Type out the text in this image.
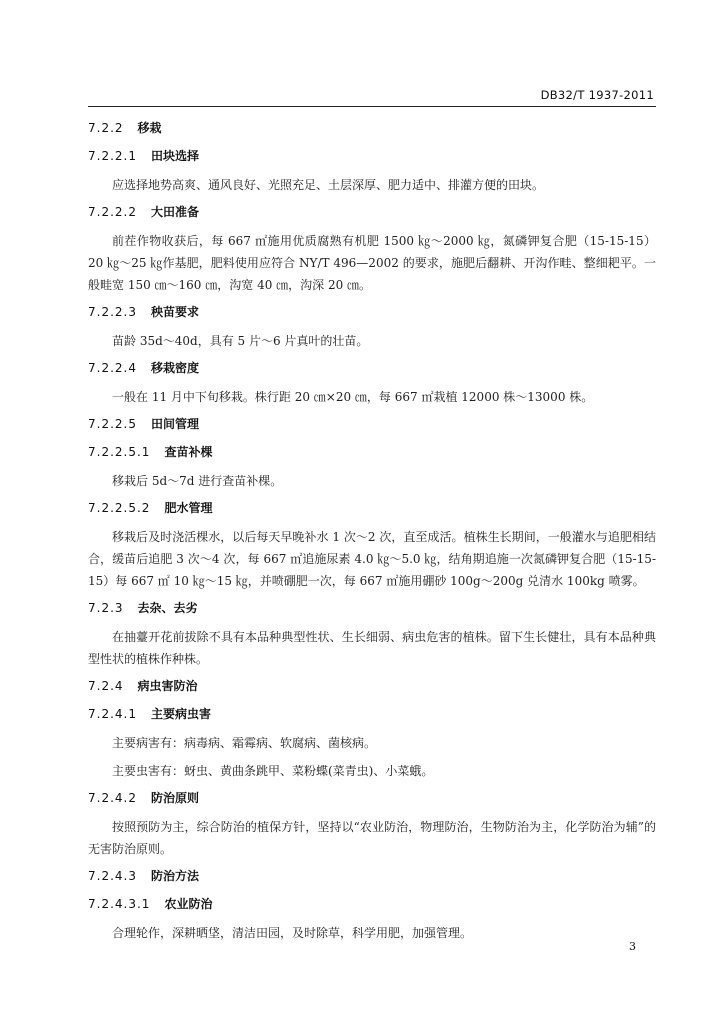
DB32/T 1937-2011
7.2.2 移栽
7.2.2.1 田块选择
应选择地势高爽、通风良好、光照充足、土层深厚、肥力适中、排灌方便的田块。
7.2.2.2 大田准备
前茬作物收获后，每 667 ㎡施用优质腐熟有机肥 1500 ㎏～2000 ㎏，氮磷钾复合肥（15-15-15）20 ㎏～25 ㎏作基肥，肥料使用应符合 NY/T 496—2002 的要求，施肥后翻耕、开沟作畦、整细耙平。一般畦宽 150 ㎝～160 ㎝，沟宽 40 ㎝，沟深 20 ㎝。
7.2.2.3 秧苗要求
苗龄 35d～40d，具有 5 片～6 片真叶的壮苗。
7.2.2.4 移栽密度
一般在 11 月中下旬移栽。株行距 20 ㎝×20 ㎝，每 667 ㎡栽植 12000 株～13000 株。
7.2.2.5 田间管理
7.2.2.5.1 查苗补棵
移栽后 5d～7d 进行查苗补棵。
7.2.2.5.2 肥水管理
移栽后及时浇活棵水，以后每天早晚补水 1 次～2 次，直至成活。植株生长期间，一般灌水与追肥相结合，缓苗后追肥 3 次～4 次，每 667 ㎡追施尿素 4.0 ㎏～5.0 ㎏，结角期追施一次氮磷钾复合肥（15-15-15）每 667 ㎡ 10 ㎏～15 ㎏，并喷硼肥一次，每 667 ㎡施用硼砂 100g～200g 兑清水 100kg 喷雾。
7.2.3 去杂、去劣
在抽薹开花前拔除不具有本品种典型性状、生长细弱、病虫危害的植株。留下生长健壮，具有本品种典型性状的植株作种株。
7.2.4 病虫害防治
7.2.4.1 主要病虫害
主要病害有：病毒病、霜霉病、软腐病、菌核病。
主要虫害有：蚜虫、黄曲条跳甲、菜粉蝶(菜青虫)、小菜蛾。
7.2.4.2 防治原则
按照预防为主，综合防治的植保方针，坚持以“农业防治，物理防治，生物防治为主，化学防治为辅”的无害防治原则。
7.2.4.3 防治方法
7.2.4.3.1 农业防治
合理轮作，深耕晒垡，清洁田园，及时除草，科学用肥，加强管理。
3
